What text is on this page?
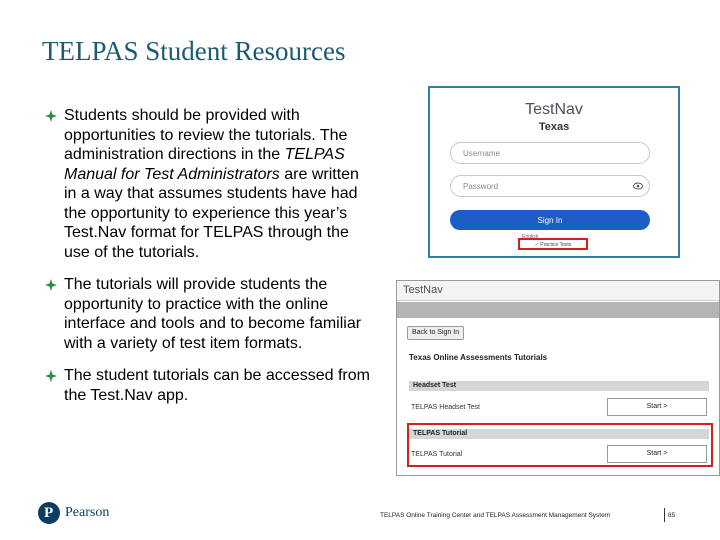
TELPAS Student Resources
Students should be provided with opportunities to review the tutorials. The administration directions in the TELPAS Manual for Test Administrators are written in a way that assumes students have had the opportunity to experience this year’s Test.Nav format for TELPAS through the use of the tutorials.
The tutorials will provide students the opportunity to practice with the online interface and tools and to become familiar with a variety of test item formats.
The student tutorials can be accessed from the Test.Nav app.
TestNav
Texas
Username
Password
Sign In
English
✓ Practice Tests
TestNav
Back to Sign In
Texas Online Assessments Tutorials
Headset Test
TELPAS Headset Test	Start >
TELPAS Tutorial
TELPAS Tutorial	Start >
P Pearson	TELPAS Online Training Center and TELPAS Assessment Management System	85
